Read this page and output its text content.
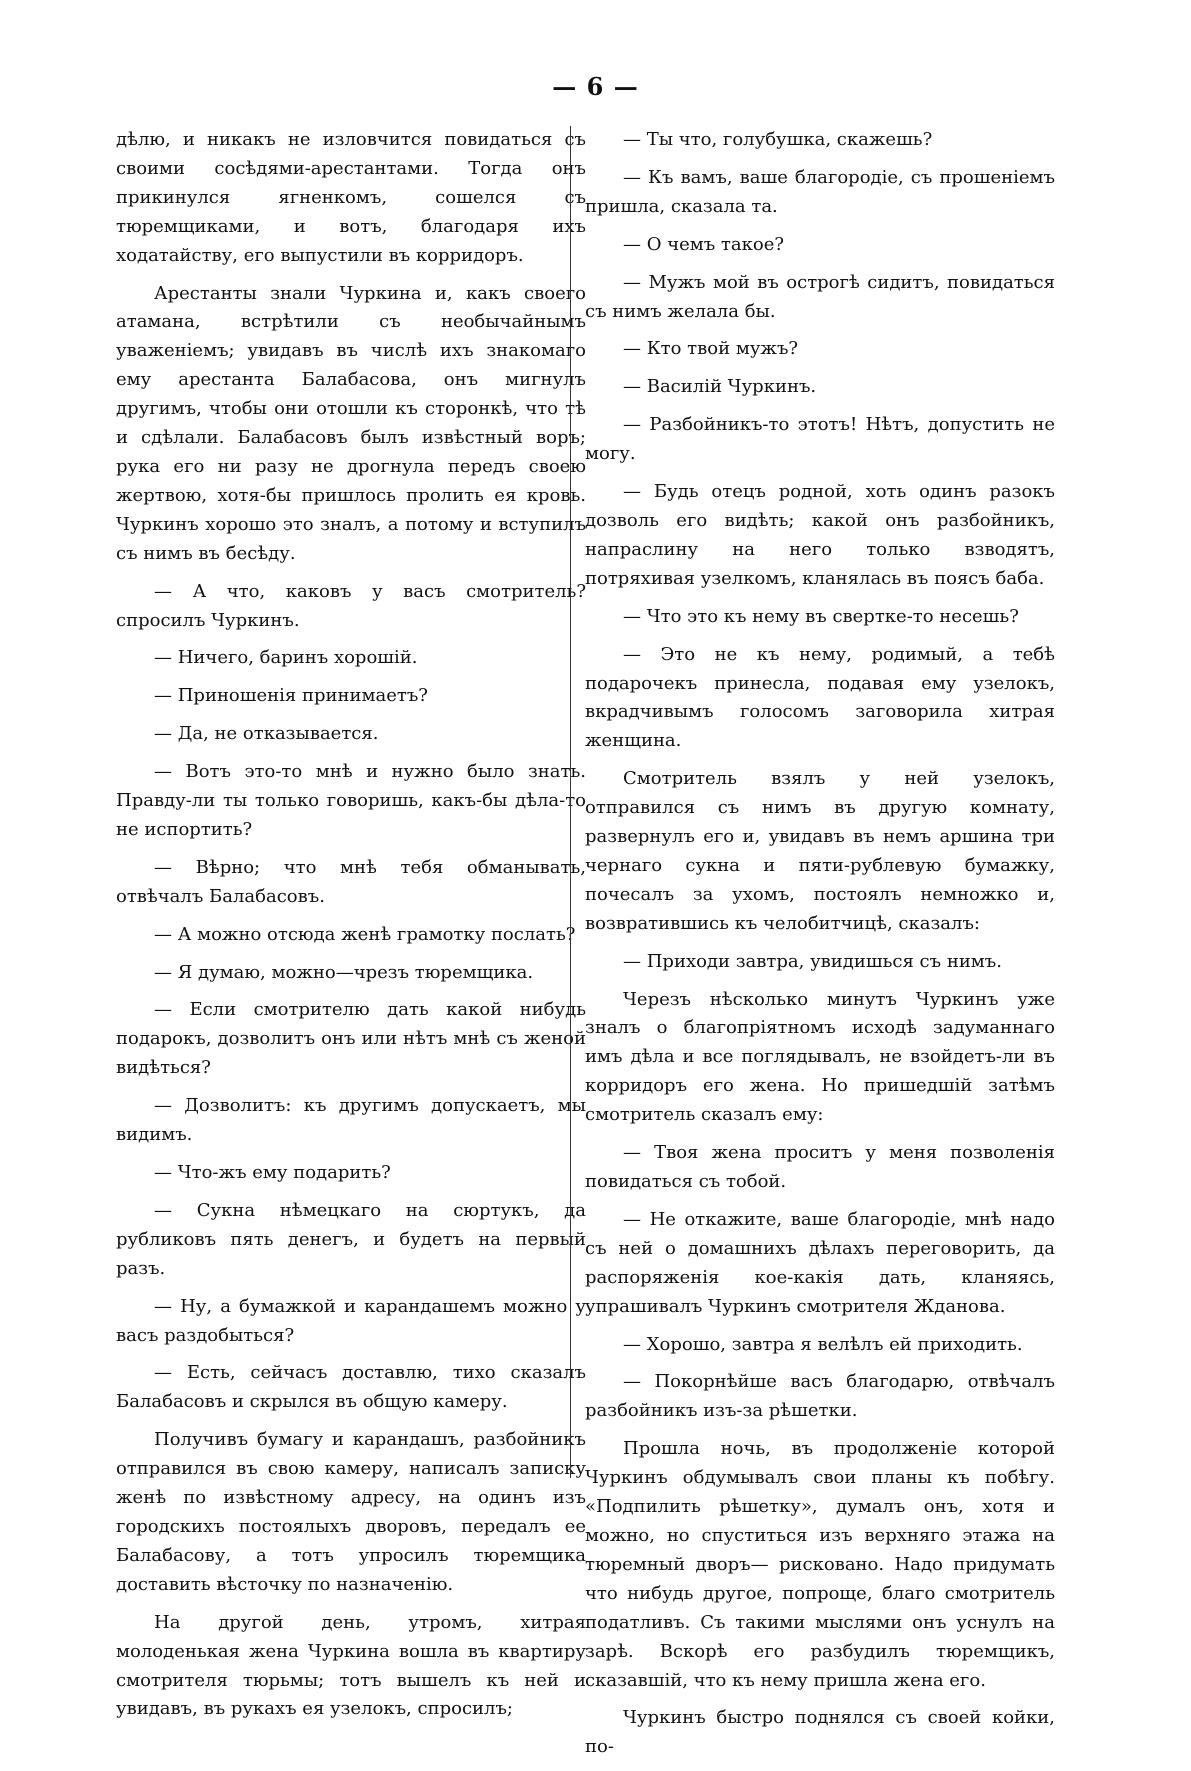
— 6 —

дѣлю, и никакъ не изловчится повидаться съ своими сосѣдями-арестантами. Тогда онъ прикинулся ягненкомъ, сошелся съ тюремщиками, и вотъ, благодаря ихъ ходатайству, его выпустили въ корридоръ.

Арестанты знали Чуркина и, какъ своего атамана, встрѣтили съ необычайнымъ уваженіемъ; увидавъ въ числѣ ихъ знакомаго ему арестанта Балабасова, онъ мигнулъ другимъ, чтобы они отошли къ сторонкѣ, что тѣ и сдѣлали. Балабасовъ былъ извѣстный воръ; рука его ни разу не дрогнула передъ своею жертвою, хотя-бы пришлось пролить ея кровь. Чуркинъ хорошо это зналъ, а потому и вступилъ съ нимъ въ бесѣду.

— А что, каковъ у васъ смотритель? спросилъ Чуркинъ.

— Ничего, баринъ хорошій.

— Приношенія принимаетъ?

— Да, не отказывается.

— Вотъ это-то мнѣ и нужно было знать. Правду-ли ты только говоришь, какъ-бы дѣла-то не испортить?

— Вѣрно; что мнѣ тебя обманывать, отвѣчалъ Балабасовъ.

— А можно отсюда женѣ грамотку послать?

— Я думаю, можно—чрезъ тюремщика.

— Если смотрителю дать какой нибудь подарокъ, дозволитъ онъ или нѣтъ мнѣ съ женой видѣться?

— Дозволитъ: къ другимъ допускаетъ, мы видимъ.

— Что-жъ ему подарить?

— Сукна нѣмецкаго на сюртукъ, да рубликовъ пять денегъ, и будетъ на первый разъ.

— Ну, а бумажкой и карандашемъ можно у васъ раздобыться?

— Есть, сейчасъ доставлю, тихо сказалъ Балабасовъ и скрылся въ общую камеру.

Получивъ бумагу и карандашъ, разбойникъ отправился въ свою камеру, написалъ записку женѣ по извѣстному адресу, на одинъ изъ городскихъ постоялыхъ дворовъ, передалъ ее Балабасову, а тотъ упросилъ тюремщика доставить вѣсточку по назначенію.

На другой день, утромъ, хитрая молоденькая жена Чуркина вошла въ квартиру смотрителя тюрьмы; тотъ вышелъ къ ней и увидавъ, въ рукахъ ея узелокъ, спросилъ;

— Ты что, голубушка, скажешь?

— Къ вамъ, ваше благородіе, съ прошеніемъ пришла, сказала та.

— О чемъ такое?

— Мужъ мой въ острогѣ сидитъ, повидаться съ нимъ желала бы.

— Кто твой мужъ?

— Василій Чуркинъ.

— Разбойникъ-то этотъ! Нѣтъ, допустить не могу.

— Будь отецъ родной, хоть одинъ разокъ дозволь его видѣть; какой онъ разбойникъ, напраслину на него только взводятъ, потряхивая узелкомъ, кланялась въ поясъ баба.

— Что это къ нему въ свертке-то несешь?

— Это не къ нему, родимый, а тебѣ подарочекъ принесла, подавая ему узелокъ, вкрадчивымъ голосомъ заговорила хитрая женщина.

Смотритель взялъ у ней узелокъ, отправился съ нимъ въ другую комнату, развернулъ его и, увидавъ въ немъ аршина три чернаго сукна и пяти-рублевую бумажку, почесалъ за ухомъ, постоялъ немножко и, возвратившись къ челобитчицѣ, сказалъ:

— Приходи завтра, увидишься съ нимъ.

Черезъ нѣсколько минутъ Чуркинъ уже зналъ о благопріятномъ исходѣ задуманнаго имъ дѣла и все поглядывалъ, не взойдетъ-ли въ корридоръ его жена. Но пришедшій затѣмъ смотритель сказалъ ему:

— Твоя жена проситъ у меня позволенія повидаться съ тобой.

— Не откажите, ваше благородіе, мнѣ надо съ ней о домашнихъ дѣлахъ переговорить, да распоряженія кое-какія дать, кланяясь, упрашивалъ Чуркинъ смотрителя Жданова.

— Хорошо, завтра я велѣлъ ей приходить.

— Покорнѣйше васъ благодарю, отвѣчалъ разбойникъ изъ-за рѣшетки.

Прошла ночь, въ продолженіе которой Чуркинъ обдумывалъ свои планы къ побѣгу. «Подпилить рѣшетку», думалъ онъ, хотя и можно, но спуститься изъ верхняго этажа на тюремный дворъ— рисковано. Надо придумать что нибудь другое, попроще, благо смотритель податливъ. Съ такими мыслями онъ уснулъ на зарѣ. Вскорѣ его разбудилъ тюремщикъ, сказавшій, что къ нему пришла жена его.

Чуркинъ быстро поднялся съ своей койки, по-
